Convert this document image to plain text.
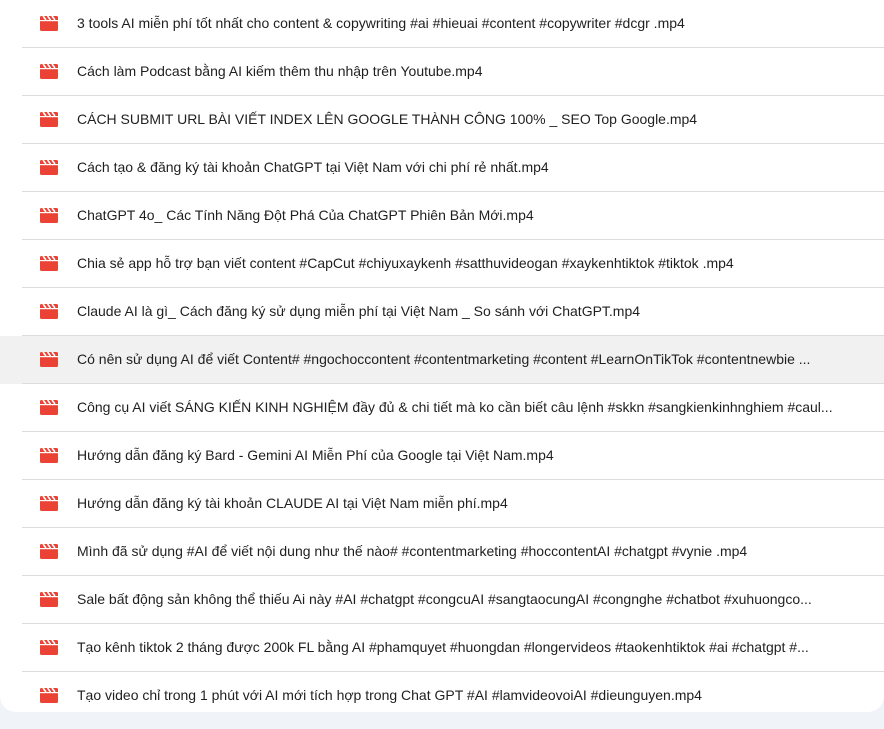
3 tools AI miễn phí tốt nhất cho content & copywriting #ai #hieuai #content #copywriter #dcgr .mp4
Cách làm Podcast bằng AI kiếm thêm thu nhập trên Youtube.mp4
CÁCH SUBMIT URL BÀI VIẾT INDEX LÊN GOOGLE THÀNH CÔNG 100% _ SEO Top Google.mp4
Cách tạo & đăng ký tài khoản ChatGPT tại Việt Nam với chi phí rẻ nhất.mp4
ChatGPT 4o_ Các Tính Năng Đột Phá Của ChatGPT Phiên Bản Mới.mp4
Chia sẻ app hỗ trợ bạn viết content #CapCut #chiyuxaykenh #satthuvideogan #xaykenhtiktok #tiktok .mp4
Claude AI là gì_ Cách đăng ký sử dụng miễn phí tại Việt Nam _ So sánh với ChatGPT.mp4
Có nên sử dụng AI để viết Content# #ngochoccontent #contentmarketing #content #LearnOnTikTok #contentnewbie ...
Công cụ AI viết SÁNG KIẾN KINH NGHIỆM đầy đủ & chi tiết mà ko cần biết câu lệnh #skkn #sangkienkinhnghiem #caul...
Hướng dẫn đăng ký Bard - Gemini AI Miễn Phí của Google tại Việt Nam.mp4
Hướng dẫn đăng ký tài khoản CLAUDE AI tại Việt Nam miễn phí.mp4
Mình đã sử dụng #AI để viết nội dung như thế nào# #contentmarketing #hoccontentAI #chatgpt #vynie .mp4
Sale bất động sản không thể thiếu Ai này #AI #chatgpt #congcuAI #sangtaocungAI #congnghe #chatbot #xuhuongco...
Tạo kênh tiktok 2 tháng được 200k FL bằng AI #phamquyet #huongdan #longervideos #taokenhtiktok #ai #chatgpt #...
Tạo video chỉ trong 1 phút với AI mới tích hợp trong Chat GPT #AI #lamvideovoiAI #dieunguyen.mp4
